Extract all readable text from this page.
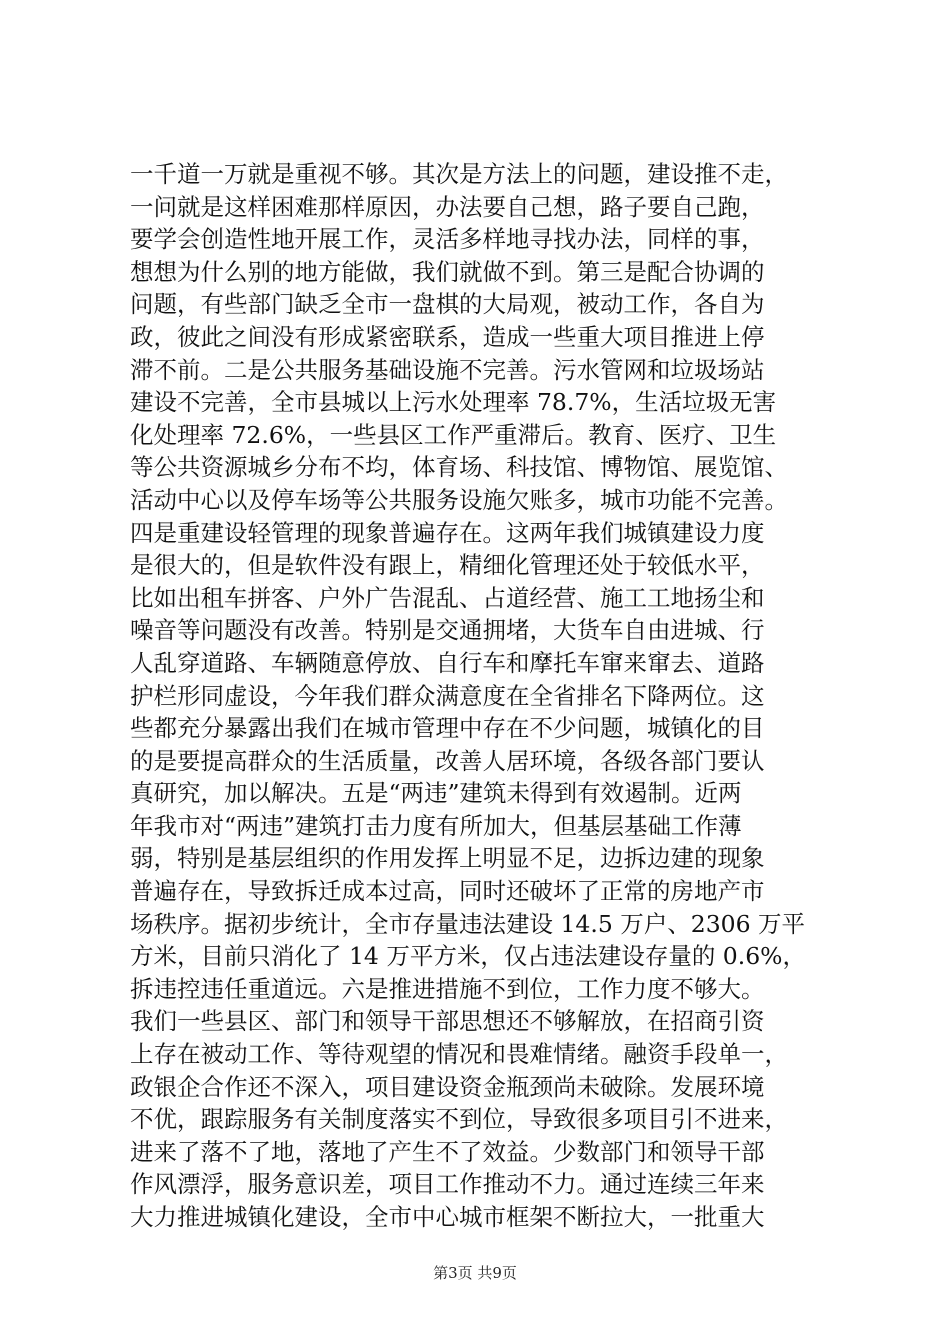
一千道一万就是重视不够。其次是方法上的问题，建设推不走，
一问就是这样困难那样原因，办法要自己想，路子要自己跑，
要学会创造性地开展工作，灵活多样地寻找办法，同样的事，
想想为什么别的地方能做，我们就做不到。第三是配合协调的
问题，有些部门缺乏全市一盘棋的大局观，被动工作，各自为
政，彼此之间没有形成紧密联系，造成一些重大项目推进上停
滞不前。二是公共服务基础设施不完善。污水管网和垃圾场站
建设不完善，全市县城以上污水处理率 78.7%，生活垃圾无害
化处理率 72.6%，一些县区工作严重滞后。教育、医疗、卫生
等公共资源城乡分布不均，体育场、科技馆、博物馆、展览馆、
活动中心以及停车场等公共服务设施欠账多，城市功能不完善。
四是重建设轻管理的现象普遍存在。这两年我们城镇建设力度
是很大的，但是软件没有跟上，精细化管理还处于较低水平，
比如出租车拼客、户外广告混乱、占道经营、施工工地扬尘和
噪音等问题没有改善。特别是交通拥堵，大货车自由进城、行
人乱穿道路、车辆随意停放、自行车和摩托车窜来窜去、道路
护栏形同虚设，今年我们群众满意度在全省排名下降两位。这
些都充分暴露出我们在城市管理中存在不少问题，城镇化的目
的是要提高群众的生活质量，改善人居环境，各级各部门要认
真研究，加以解决。五是“两违”建筑未得到有效遏制。近两
年我市对“两违”建筑打击力度有所加大，但基层基础工作薄
弱，特别是基层组织的作用发挥上明显不足，边拆边建的现象
普遍存在，导致拆迁成本过高，同时还破坏了正常的房地产市
场秩序。据初步统计，全市存量违法建设 14.5 万户、2306 万平
方米，目前只消化了 14 万平方米，仅占违法建设存量的 0.6%，
拆违控违任重道远。六是推进措施不到位，工作力度不够大。
我们一些县区、部门和领导干部思想还不够解放，在招商引资
上存在被动工作、等待观望的情况和畏难情绪。融资手段单一，
政银企合作还不深入，项目建设资金瓶颈尚未破除。发展环境
不优，跟踪服务有关制度落实不到位，导致很多项目引不进来，
进来了落不了地，落地了产生不了效益。少数部门和领导干部
作风漂浮，服务意识差，项目工作推动不力。通过连续三年来
大力推进城镇化建设，全市中心城市框架不断拉大，一批重大
第3页 共9页
